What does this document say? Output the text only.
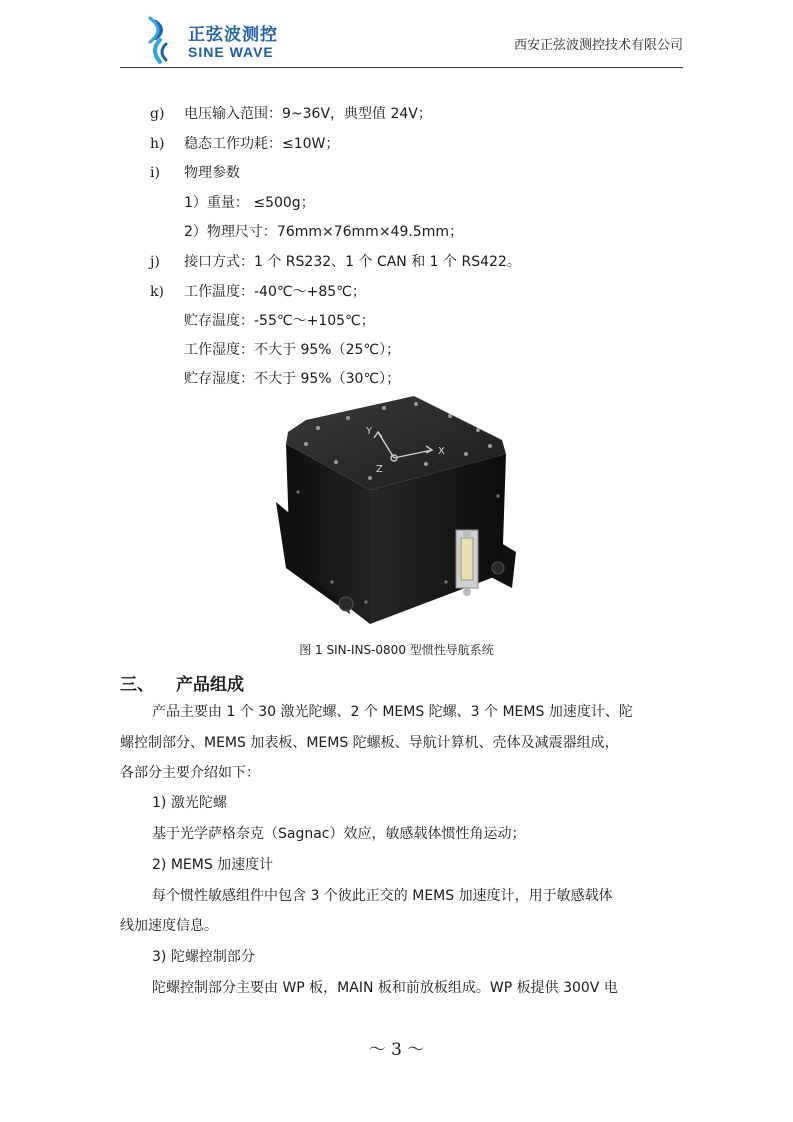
正弦波测控
SINE WAVE	西安正弦波测控技术有限公司
g) 电压输入范围：9~36V，典型值 24V；
h) 稳态工作功耗：≤10W；
i) 物理参数
1）重量： ≤500g；
2）物理尺寸：76mm×76mm×49.5mm；
j) 接口方式：1 个 RS232、1 个 CAN 和 1 个 RS422。
k) 工作温度：-40℃～+85℃；
贮存温度：-55℃～+105℃；
工作湿度：不大于 95%（25℃）；
贮存湿度：不大于 95%（30℃）；
Y
X
Z
图 1 SIN-INS-0800 型惯性导航系统
三、 产品组成
产品主要由 1 个 30 激光陀螺、2 个 MEMS 陀螺、3 个 MEMS 加速度计、陀
螺控制部分、MEMS 加表板、MEMS 陀螺板、导航计算机、壳体及减震器组成，
各部分主要介绍如下：
1) 激光陀螺
基于光学萨格奈克（Sagnac）效应，敏感载体惯性角运动；
2) MEMS 加速度计
每个惯性敏感组件中包含 3 个彼此正交的 MEMS 加速度计，用于敏感载体
线加速度信息。
3) 陀螺控制部分
陀螺控制部分主要由 WP 板，MAIN 板和前放板组成。WP 板提供 300V 电
～ 3 ～
